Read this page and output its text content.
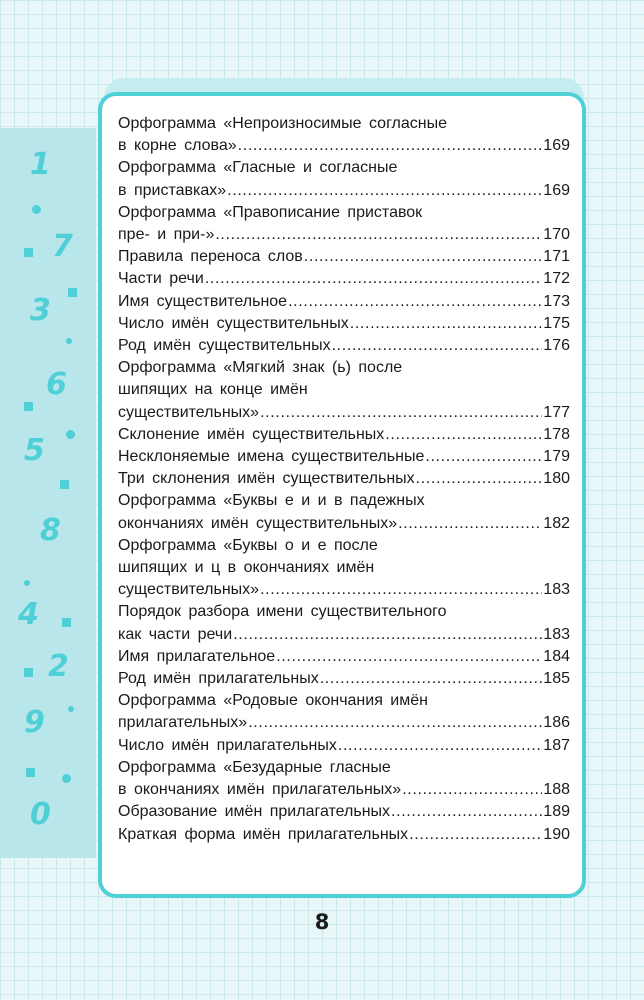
1
7
3
6
5
8
4
2
9
0
Орфограмма «Непроизносимые согласные
в корне слова» . . .	169
Орфограмма «Гласные и согласные
в приставках» . . .	169
Орфограмма «Правописание приставок
пре- и при-» . . .	170
Правила переноса слов . . .	171
Части речи . . .	172
Имя существительное . . .	173
Число имён существительных . . .	175
Род имён существительных . . .	176
Орфограмма «Мягкий знак (ь) после
шипящих на конце имён
существительных» . . .	177
Склонение имён существительных . . .	178
Несклоняемые имена существительные . . .	179
Три склонения имён существительных . . .	180
Орфограмма «Буквы е и и в падежных
окончаниях имён существительных» . . .	182
Орфограмма «Буквы о и е после
шипящих и ц в окончаниях имён
существительных» . . .	183
Порядок разбора имени существительного
как части речи . . .	183
Имя прилагательное . . .	184
Род имён прилагательных . . .	185
Орфограмма «Родовые окончания имён
прилагательных» . . .	186
Число имён прилагательных . . .	187
Орфограмма «Безударные гласные
в окончаниях имён прилагательных» . . .	188
Образование имён прилагательных . . .	189
Краткая форма имён прилагательных . . .	190
8
